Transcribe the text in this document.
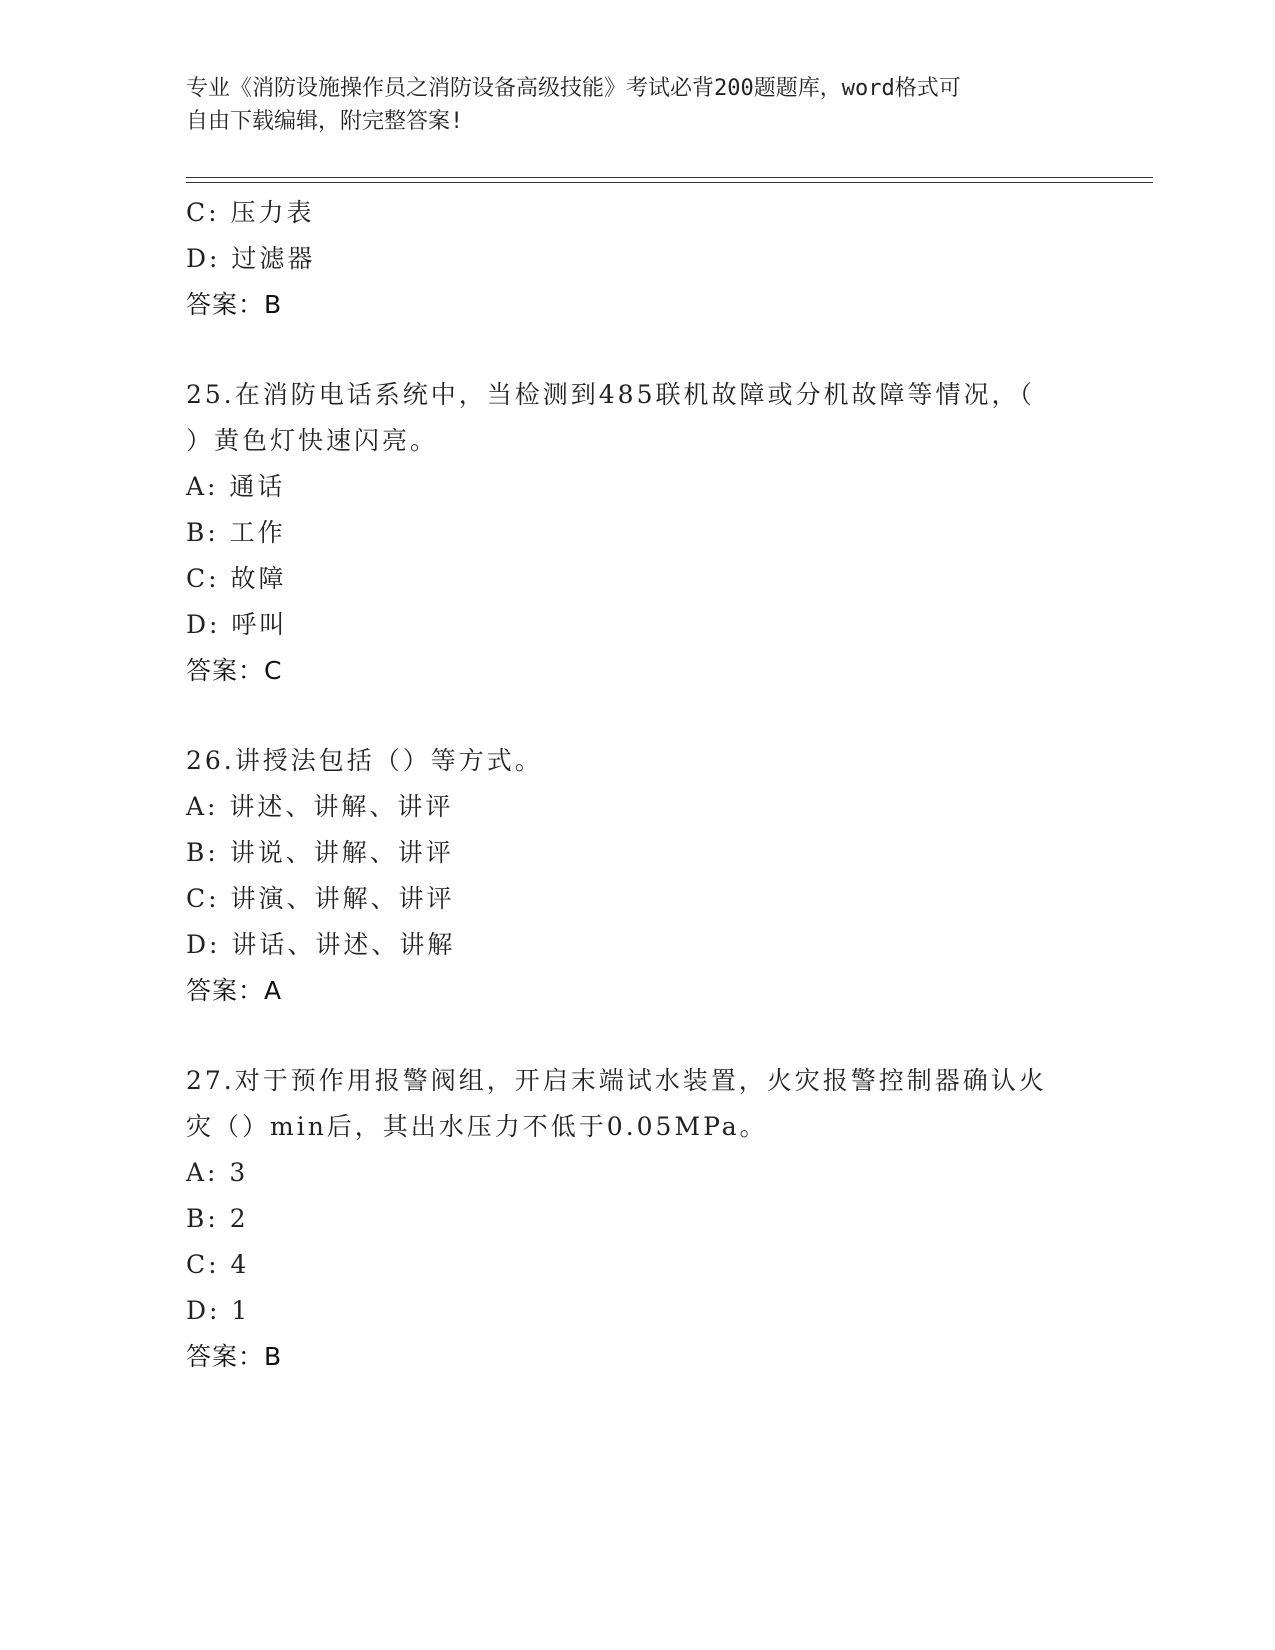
专业《消防设施操作员之消防设备高级技能》考试必背200题题库，word格式可
自由下载编辑，附完整答案!
C: 压力表
D: 过滤器
答案：B
25.在消防电话系统中，当检测到485联机故障或分机故障等情况，（
）黄色灯快速闪亮。
A: 通话
B: 工作
C: 故障
D: 呼叫
答案：C
26.讲授法包括（）等方式。
A: 讲述、讲解、讲评
B: 讲说、讲解、讲评
C: 讲演、讲解、讲评
D: 讲话、讲述、讲解
答案：A
27.对于预作用报警阀组，开启末端试水装置，火灾报警控制器确认火
灾（）min后，其出水压力不低于0.05MPa。
A: 3
B: 2
C: 4
D: 1
答案：B
